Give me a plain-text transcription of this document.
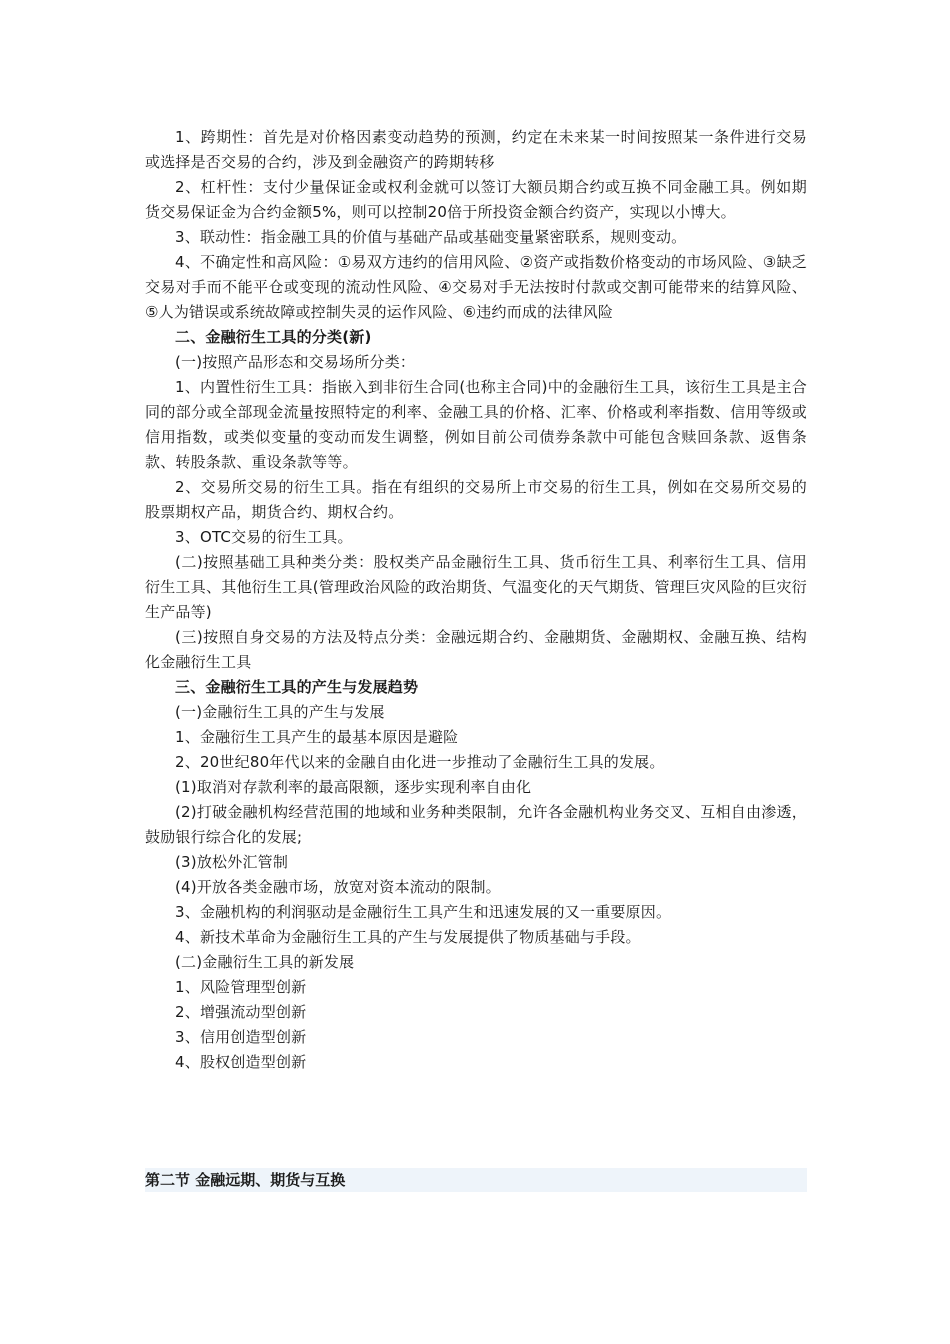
1、跨期性：首先是对价格因素变动趋势的预测，约定在未来某一时间按照某一条件进行交易或选择是否交易的合约，涉及到金融资产的跨期转移

2、杠杆性：支付少量保证金或权利金就可以签订大额员期合约或互换不同金融工具。例如期货交易保证金为合约金额5%，则可以控制20倍于所投资金额合约资产，实现以小博大。

3、联动性：指金融工具的价值与基础产品或基础变量紧密联系，规则变动。

4、不确定性和高风险：①易双方违约的信用风险、②资产或指数价格变动的市场风险、③缺乏交易对手而不能平仓或变现的流动性风险、④交易对手无法按时付款或交割可能带来的结算风险、⑤人为错误或系统故障或控制失灵的运作风险、⑥违约而成的法律风险

二、金融衍生工具的分类(新)

(一)按照产品形态和交易场所分类：

1、内置性衍生工具：指嵌入到非衍生合同(也称主合同)中的金融衍生工具，该衍生工具是主合同的部分或全部现金流量按照特定的利率、金融工具的价格、汇率、价格或利率指数、信用等级或信用指数，或类似变量的变动而发生调整，例如目前公司债券条款中可能包含赎回条款、返售条款、转股条款、重设条款等等。

2、交易所交易的衍生工具。指在有组织的交易所上市交易的衍生工具，例如在交易所交易的股票期权产品，期货合约、期权合约。

3、OTC交易的衍生工具。

(二)按照基础工具种类分类：股权类产品金融衍生工具、货币衍生工具、利率衍生工具、信用衍生工具、其他衍生工具(管理政治风险的政治期货、气温变化的天气期货、管理巨灾风险的巨灾衍生产品等)

(三)按照自身交易的方法及特点分类：金融远期合约、金融期货、金融期权、金融互换、结构化金融衍生工具

三、金融衍生工具的产生与发展趋势

(一)金融衍生工具的产生与发展

1、金融衍生工具产生的最基本原因是避险

2、20世纪80年代以来的金融自由化进一步推动了金融衍生工具的发展。

(1)取消对存款利率的最高限额，逐步实现利率自由化

(2)打破金融机构经营范围的地域和业务种类限制，允许各金融机构业务交叉、互相自由渗透，鼓励银行综合化的发展;

(3)放松外汇管制

(4)开放各类金融市场，放宽对资本流动的限制。

3、金融机构的利润驱动是金融衍生工具产生和迅速发展的又一重要原因。

4、新技术革命为金融衍生工具的产生与发展提供了物质基础与手段。

(二)金融衍生工具的新发展

1、风险管理型创新

2、增强流动型创新

3、信用创造型创新

4、股权创造型创新

第二节 金融远期、期货与互换
